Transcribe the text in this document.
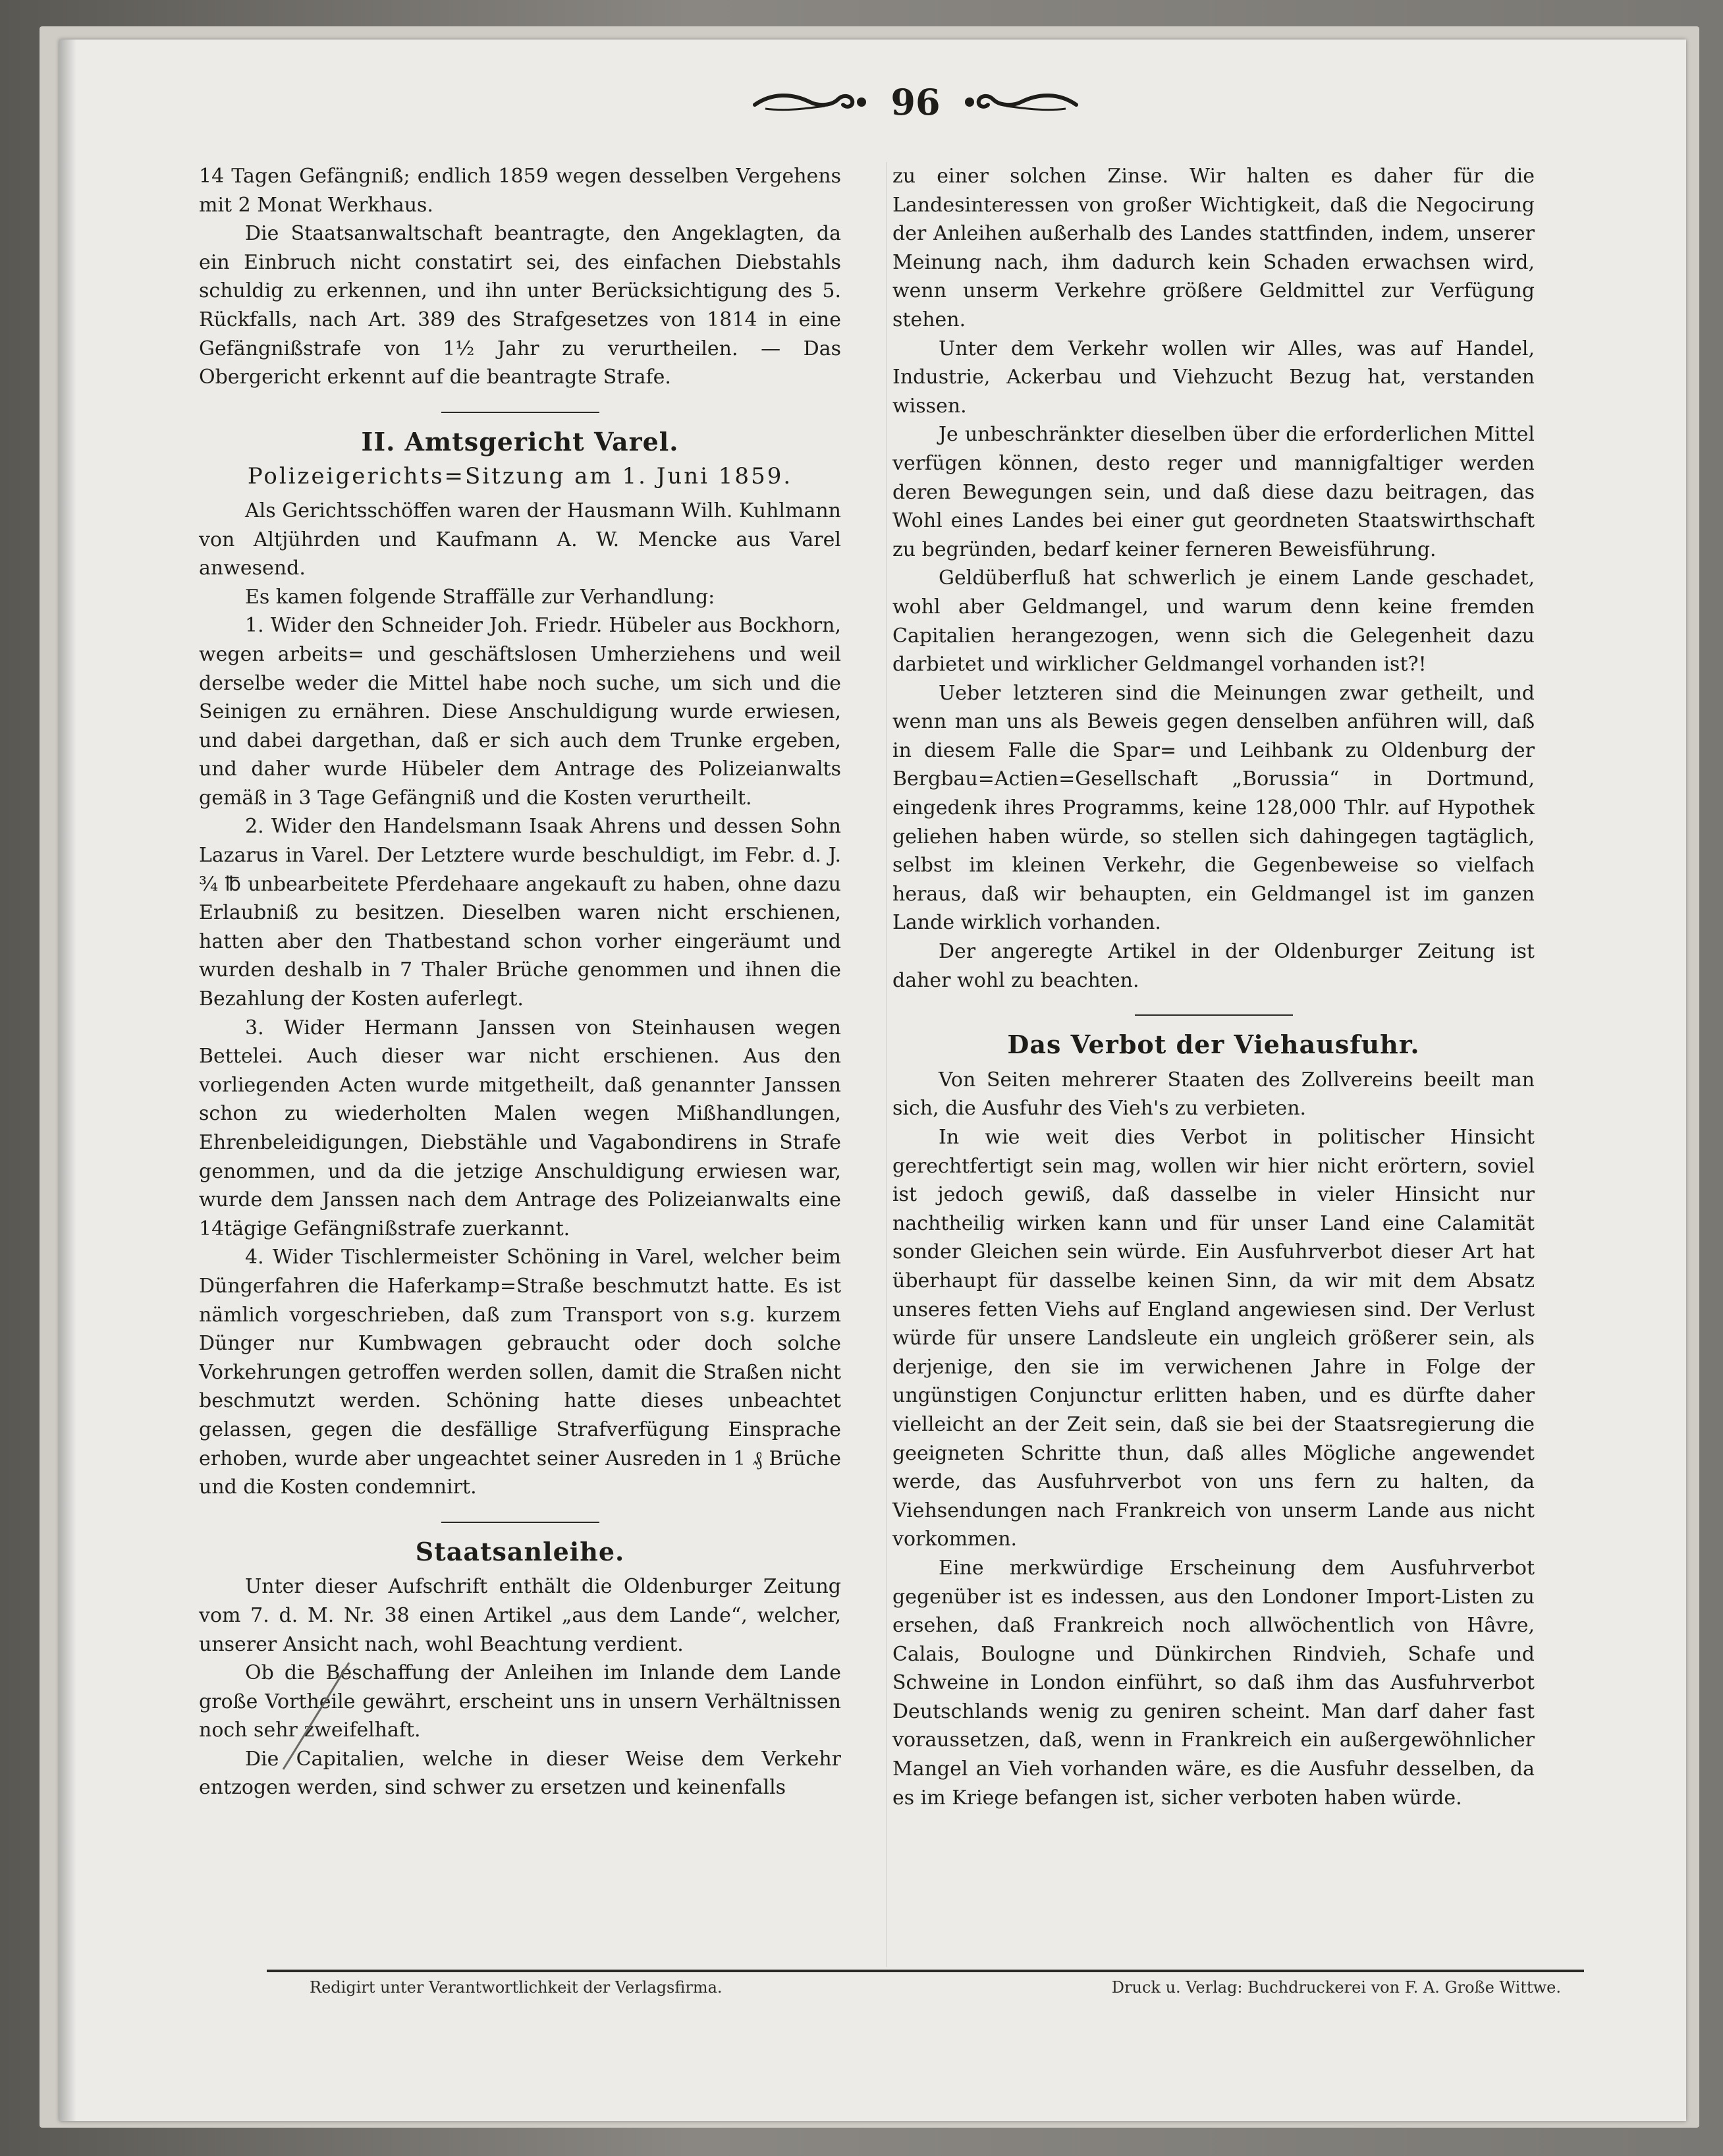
96

14 Tagen Gefängniß; endlich 1859 wegen desselben Vergehens mit 2 Monat Werkhaus.

Die Staatsanwaltschaft beantragte, den Angeklagten, da ein Einbruch nicht constatirt sei, des einfachen Diebstahls schuldig zu erkennen, und ihn unter Berücksichtigung des 5. Rückfalls, nach Art. 389 des Strafgesetzes von 1814 in eine Gefängnißstrafe von 1½ Jahr zu verurtheilen. — Das Obergericht erkennt auf die beantragte Strafe.

II. Amtsgericht Varel.
Polizeigerichts=Sitzung am 1. Juni 1859.

Als Gerichtsschöffen waren der Hausmann Wilh. Kuhlmann von Altjührden und Kaufmann A. W. Mencke aus Varel anwesend.

Es kamen folgende Straffälle zur Verhandlung:

1. Wider den Schneider Joh. Friedr. Hübeler aus Bockhorn, wegen arbeits= und geschäftslosen Umherziehens und weil derselbe weder die Mittel habe noch suche, um sich und die Seinigen zu ernähren. Diese Anschuldigung wurde erwiesen, und dabei dargethan, daß er sich auch dem Trunke ergeben, und daher wurde Hübeler dem Antrage des Polizeianwalts gemäß in 3 Tage Gefängniß und die Kosten verurtheilt.

2. Wider den Handelsmann Isaak Ahrens und dessen Sohn Lazarus in Varel. Der Letztere wurde beschuldigt, im Febr. d. J. ¾ ℔ unbearbeitete Pferdehaare angekauft zu haben, ohne dazu Erlaubniß zu besitzen. Dieselben waren nicht erschienen, hatten aber den Thatbestand schon vorher eingeräumt und wurden deshalb in 7 Thaler Brüche genommen und ihnen die Bezahlung der Kosten auferlegt.

3. Wider Hermann Janssen von Steinhausen wegen Bettelei. Auch dieser war nicht erschienen. Aus den vorliegenden Acten wurde mitgetheilt, daß genannter Janssen schon zu wiederholten Malen wegen Mißhandlungen, Ehrenbeleidigungen, Diebstähle und Vagabondirens in Strafe genommen, und da die jetzige Anschuldigung erwiesen war, wurde dem Janssen nach dem Antrage des Polizeianwalts eine 14tägige Gefängnißstrafe zuerkannt.

4. Wider Tischlermeister Schöning in Varel, welcher beim Düngerfahren die Haferkamp=Straße beschmutzt hatte. Es ist nämlich vorgeschrieben, daß zum Transport von s.g. kurzem Dünger nur Kumbwagen gebraucht oder doch solche Vorkehrungen getroffen werden sollen, damit die Straßen nicht beschmutzt werden. Schöning hatte dieses unbeachtet gelassen, gegen die desfällige Strafverfügung Einsprache erhoben, wurde aber ungeachtet seiner Ausreden in 1 ₰ Brüche und die Kosten condemnirt.

Staatsanleihe.

Unter dieser Aufschrift enthält die Oldenburger Zeitung vom 7. d. M. Nr. 38 einen Artikel „aus dem Lande“, welcher, unserer Ansicht nach, wohl Beachtung verdient.

Ob die Beschaffung der Anleihen im Inlande dem Lande große Vortheile gewährt, erscheint uns in unsern Verhältnissen noch sehr zweifelhaft.

Die Capitalien, welche in dieser Weise dem Verkehr entzogen werden, sind schwer zu ersetzen und keinenfalls

zu einer solchen Zinse. Wir halten es daher für die Landesinteressen von großer Wichtigkeit, daß die Negocirung der Anleihen außerhalb des Landes stattfinden, indem, unserer Meinung nach, ihm dadurch kein Schaden erwachsen wird, wenn unserm Verkehre größere Geldmittel zur Verfügung stehen.

Unter dem Verkehr wollen wir Alles, was auf Handel, Industrie, Ackerbau und Viehzucht Bezug hat, verstanden wissen.

Je unbeschränkter dieselben über die erforderlichen Mittel verfügen können, desto reger und mannigfaltiger werden deren Bewegungen sein, und daß diese dazu beitragen, das Wohl eines Landes bei einer gut geordneten Staatswirthschaft zu begründen, bedarf keiner ferneren Beweisführung.

Geldüberfluß hat schwerlich je einem Lande geschadet, wohl aber Geldmangel, und warum denn keine fremden Capitalien herangezogen, wenn sich die Gelegenheit dazu darbietet und wirklicher Geldmangel vorhanden ist?!

Ueber letzteren sind die Meinungen zwar getheilt, und wenn man uns als Beweis gegen denselben anführen will, daß in diesem Falle die Spar= und Leihbank zu Oldenburg der Bergbau=Actien=Gesellschaft „Borussia“ in Dortmund, eingedenk ihres Programms, keine 128,000 Thlr. auf Hypothek geliehen haben würde, so stellen sich dahingegen tagtäglich, selbst im kleinen Verkehr, die Gegenbeweise so vielfach heraus, daß wir behaupten, ein Geldmangel ist im ganzen Lande wirklich vorhanden.

Der angeregte Artikel in der Oldenburger Zeitung ist daher wohl zu beachten.

Das Verbot der Viehausfuhr.

Von Seiten mehrerer Staaten des Zollvereins beeilt man sich, die Ausfuhr des Vieh's zu verbieten.

In wie weit dies Verbot in politischer Hinsicht gerechtfertigt sein mag, wollen wir hier nicht erörtern, soviel ist jedoch gewiß, daß dasselbe in vieler Hinsicht nur nachtheilig wirken kann und für unser Land eine Calamität sonder Gleichen sein würde. Ein Ausfuhrverbot dieser Art hat überhaupt für dasselbe keinen Sinn, da wir mit dem Absatz unseres fetten Viehs auf England angewiesen sind. Der Verlust würde für unsere Landsleute ein ungleich größerer sein, als derjenige, den sie im verwichenen Jahre in Folge der ungünstigen Conjunctur erlitten haben, und es dürfte daher vielleicht an der Zeit sein, daß sie bei der Staatsregierung die geeigneten Schritte thun, daß alles Mögliche angewendet werde, das Ausfuhrverbot von uns fern zu halten, da Viehsendungen nach Frankreich von unserm Lande aus nicht vorkommen.

Eine merkwürdige Erscheinung dem Ausfuhrverbot gegenüber ist es indessen, aus den Londoner Import-Listen zu ersehen, daß Frankreich noch allwöchentlich von Hâvre, Calais, Boulogne und Dünkirchen Rindvieh, Schafe und Schweine in London einführt, so daß ihm das Ausfuhrverbot Deutschlands wenig zu geniren scheint. Man darf daher fast voraussetzen, daß, wenn in Frankreich ein außergewöhnlicher Mangel an Vieh vorhanden wäre, es die Ausfuhr desselben, da es im Kriege befangen ist, sicher verboten haben würde.

Redigirt unter Verantwortlichkeit der Verlagsfirma.	Druck u. Verlag: Buchdruckerei von F. A. Große Wittwe.
